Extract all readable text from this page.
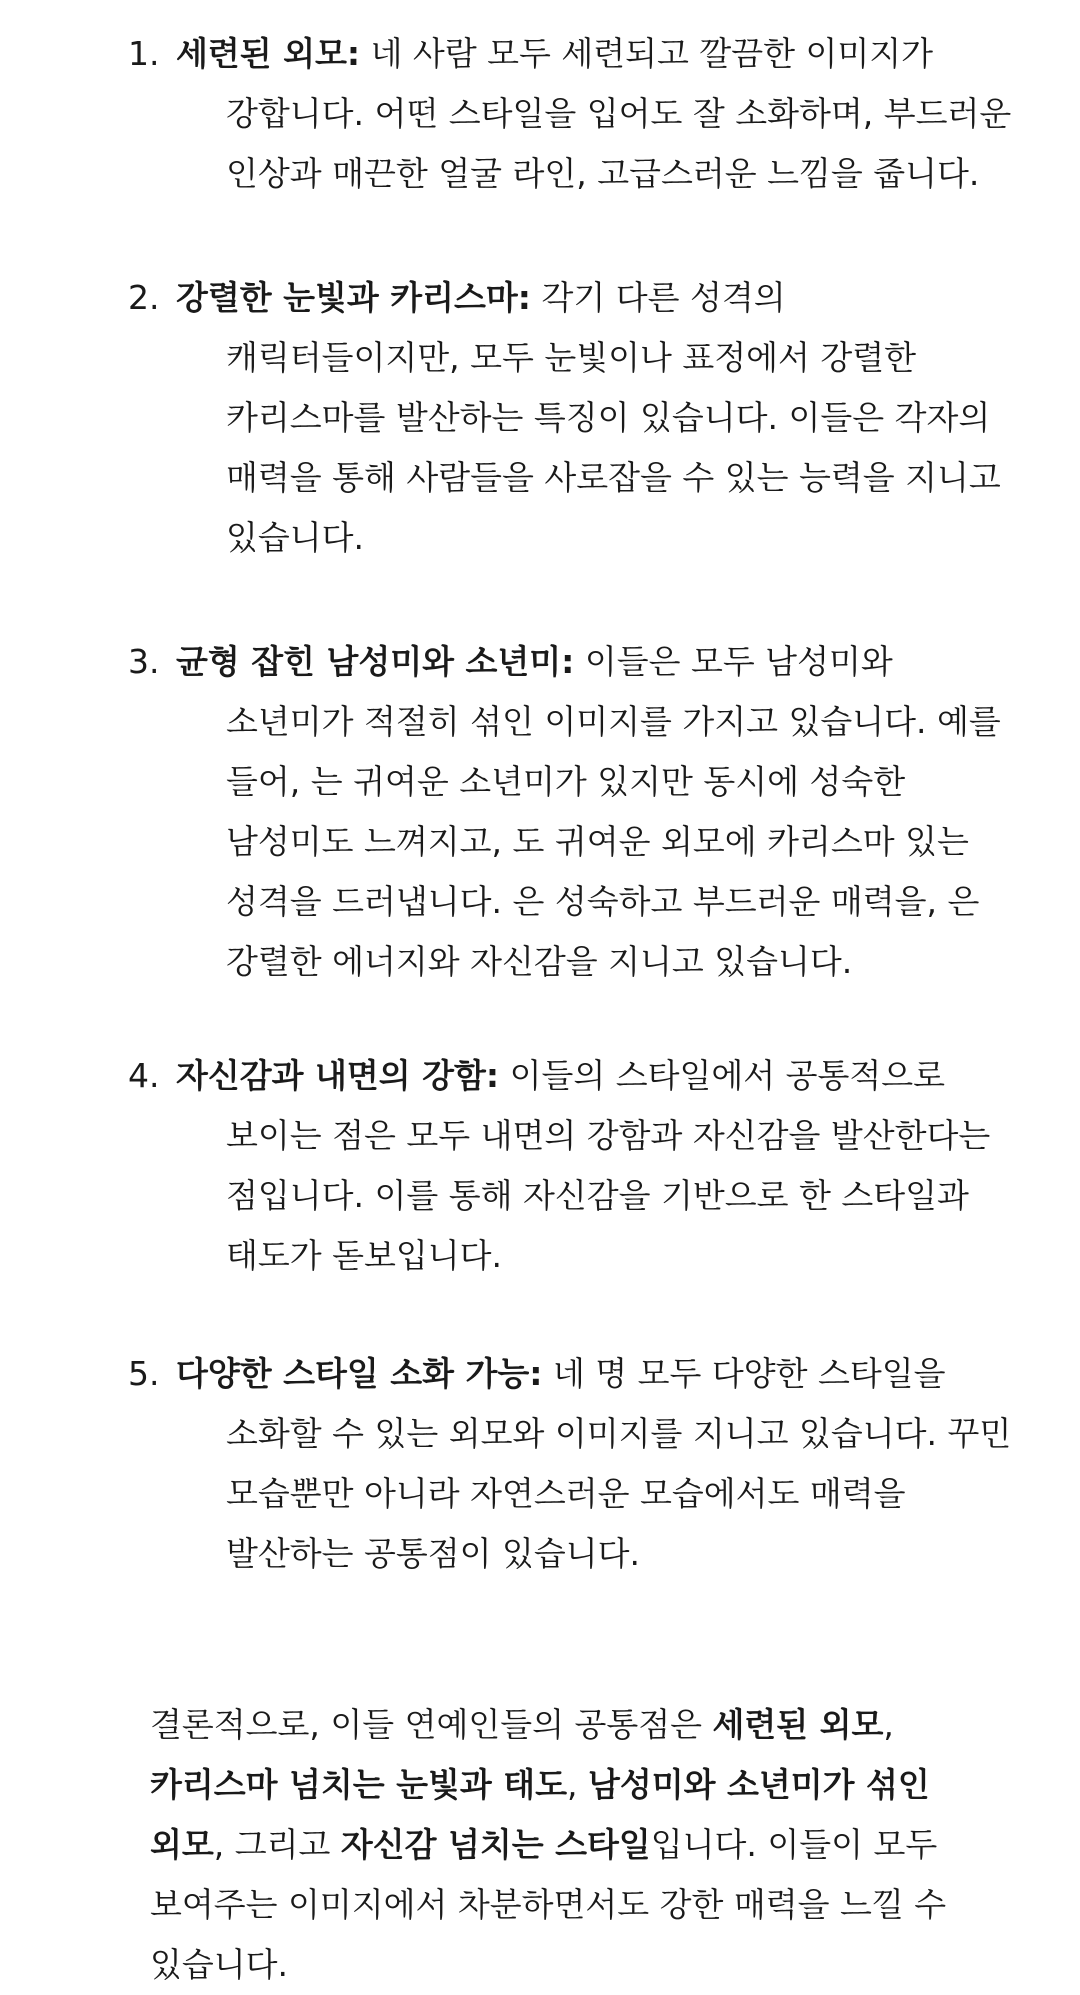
1. 세련된 외모: 네 사람 모두 세련되고 깔끔한 이미지가 강합니다. 어떤 스타일을 입어도 잘 소화하며, 부드러운 인상과 매끈한 얼굴 라인, 고급스러운 느낌을 줍니다.
2. 강렬한 눈빛과 카리스마: 각기 다른 성격의 캐릭터들이지만, 모두 눈빛이나 표정에서 강렬한 카리스마를 발산하는 특징이 있습니다. 이들은 각자의 매력을 통해 사람들을 사로잡을 수 있는 능력을 지니고 있습니다.
3. 균형 잡힌 남성미와 소년미: 이들은 모두 남성미와 소년미가 적절히 섞인 이미지를 가지고 있습니다. 예를 들어, 는 귀여운 소년미가 있지만 동시에 성숙한 남성미도 느껴지고, 도 귀여운 외모에 카리스마 있는 성격을 드러냅니다. 은 성숙하고 부드러운 매력을, 은 강렬한 에너지와 자신감을 지니고 있습니다.
4. 자신감과 내면의 강함: 이들의 스타일에서 공통적으로 보이는 점은 모두 내면의 강함과 자신감을 발산한다는 점입니다. 이를 통해 자신감을 기반으로 한 스타일과 태도가 돋보입니다.
5. 다양한 스타일 소화 가능: 네 명 모두 다양한 스타일을 소화할 수 있는 외모와 이미지를 지니고 있습니다. 꾸민 모습뿐만 아니라 자연스러운 모습에서도 매력을 발산하는 공통점이 있습니다.

결론적으로, 이들 연예인들의 공통점은 세련된 외모, 카리스마 넘치는 눈빛과 태도, 남성미와 소년미가 섞인 외모, 그리고 자신감 넘치는 스타일입니다. 이들이 모두 보여주는 이미지에서 차분하면서도 강한 매력을 느낄 수 있습니다.
